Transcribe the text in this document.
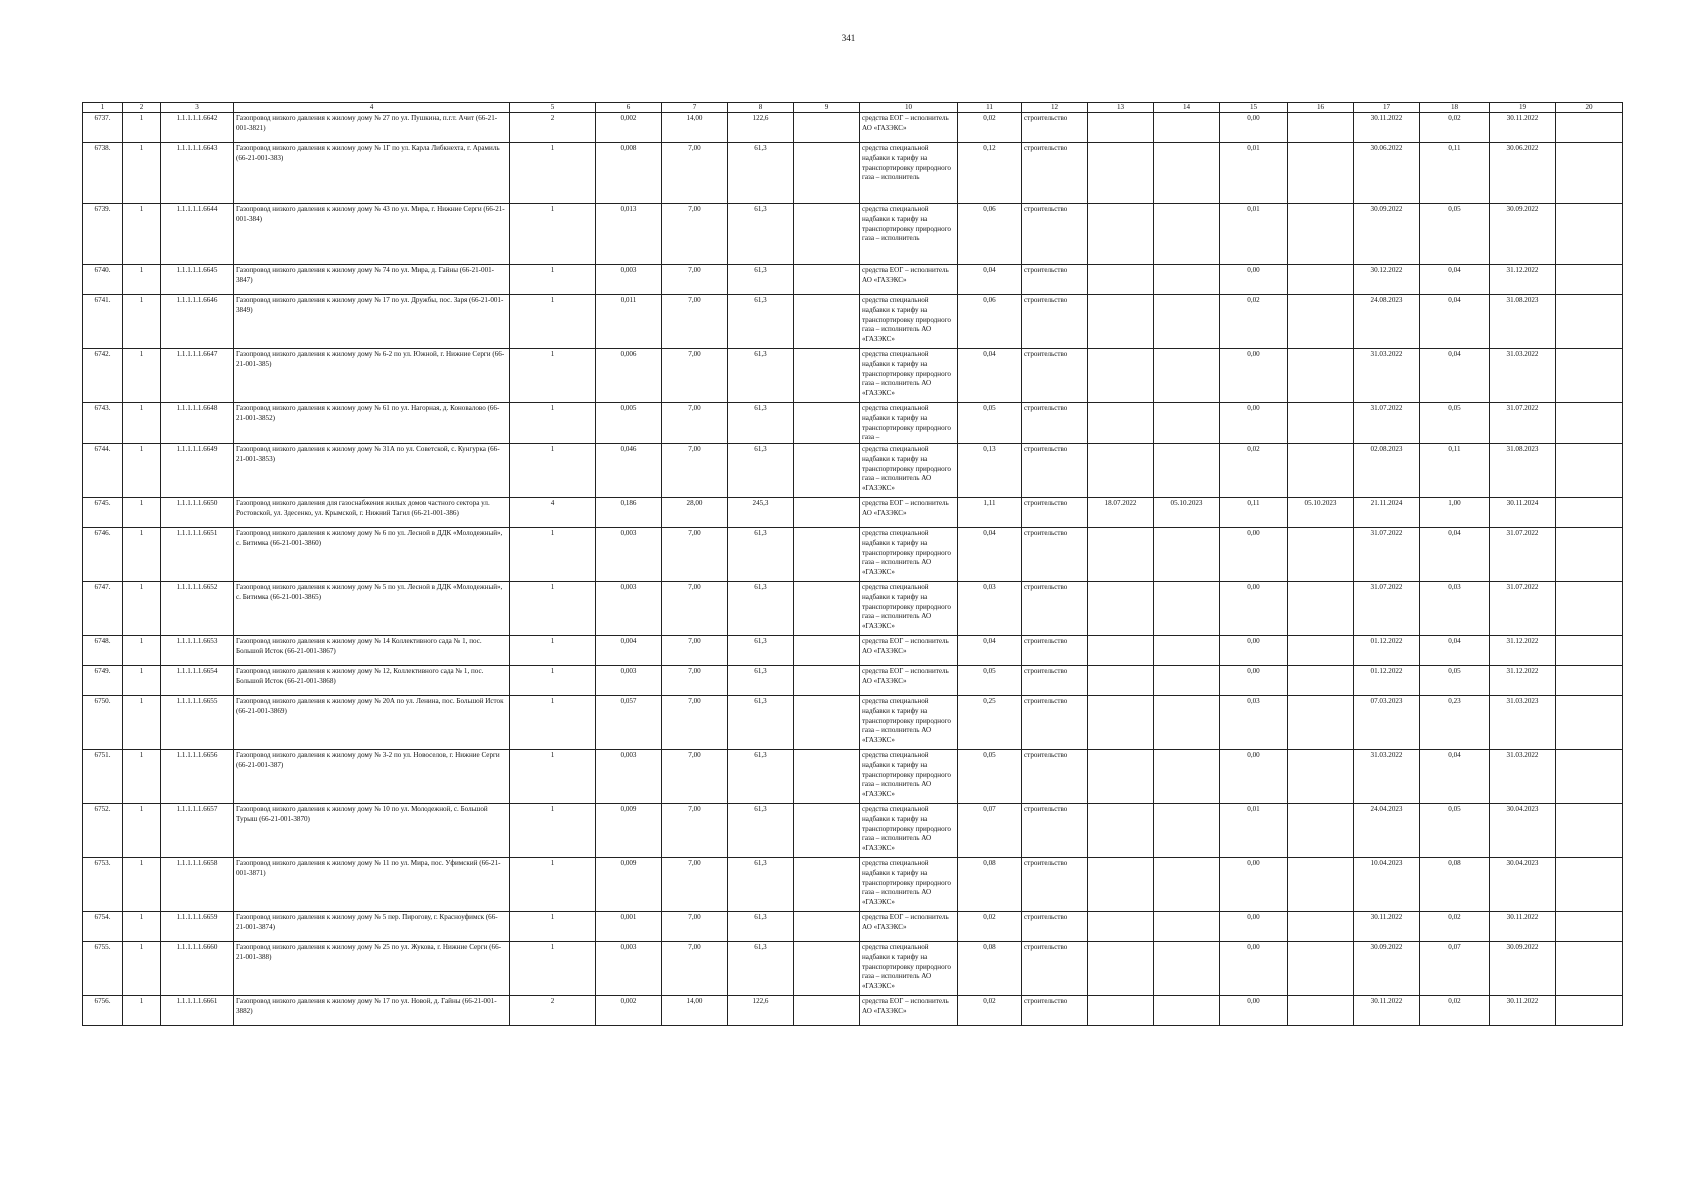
341
1	2	3	4	5	6	7	8	9	10	11	12	13	14	15	16	17	18	19	20
6737.	1	1.1.1.1.1.6642	Газопровод низкого давления к жилому дому № 27 по ул. Пушкина, п.г.т. Ачит (66-21-001-3821)	2	0,002	14,00	122,6		средства ЕОГ – исполнитель АО «ГАЗЭКС»	0,02	строительство			0,00		30.11.2022	0,02	30.11.2022	
6738.	1	1.1.1.1.1.6643	Газопровод низкого давления к жилому дому № 1Г по ул. Карла Либкнехта, г. Арамиль (66-21-001-383)	1	0,008	7,00	61,3		средства специальной надбавки к тарифу на транспортировку природного газа – исполнитель	0,12	строительство			0,01		30.06.2022	0,11	30.06.2022	
6739.	1	1.1.1.1.1.6644	Газопровод низкого давления к жилому дому № 43 по ул. Мира, г. Нижние Серги (66-21-001-384)	1	0,013	7,00	61,3		средства специальной надбавки к тарифу на транспортировку природного газа – исполнитель	0,06	строительство			0,01		30.09.2022	0,05	30.09.2022	
6740.	1	1.1.1.1.1.6645	Газопровод низкого давления к жилому дому № 74 по ул. Мира, д. Гайны (66-21-001-3847)	1	0,003	7,00	61,3		средства ЕОГ – исполнитель АО «ГАЗЭКС»	0,04	строительство			0,00		30.12.2022	0,04	31.12.2022	
6741.	1	1.1.1.1.1.6646	Газопровод низкого давления к жилому дому № 17 по ул. Дружбы, пос. Заря (66-21-001-3849)	1	0,011	7,00	61,3		средства специальной надбавки к тарифу на транспортировку природного газа – исполнитель АО «ГАЗЭКС»	0,06	строительство			0,02		24.08.2023	0,04	31.08.2023	
6742.	1	1.1.1.1.1.6647	Газопровод низкого давления к жилому дому № 6-2 по ул. Южной, г. Нижние Серги (66-21-001-385)	1	0,006	7,00	61,3		средства специальной надбавки к тарифу на транспортировку природного газа – исполнитель АО «ГАЗЭКС»	0,04	строительство			0,00		31.03.2022	0,04	31.03.2022	
6743.	1	1.1.1.1.1.6648	Газопровод низкого давления к жилому дому № 61 по ул. Нагорная, д. Коновалово (66-21-001-3852)	1	0,005	7,00	61,3		средства специальной надбавки к тарифу на транспортировку природного газа –	0,05	строительство			0,00		31.07.2022	0,05	31.07.2022	
6744.	1	1.1.1.1.1.6649	Газопровод низкого давления к жилому дому № 31А по ул. Советской, с. Кунгурка (66-21-001-3853)	1	0,046	7,00	61,3		средства специальной надбавки к тарифу на транспортировку природного газа – исполнитель АО «ГАЗЭКС»	0,13	строительство			0,02		02.08.2023	0,11	31.08.2023	
6745.	1	1.1.1.1.1.6650	Газопровод низкого давления для газоснабжения жилых домов частного сектора ул. Ростовской, ул. Здесенко, ул. Крымской, г. Нижний Тагил (66-21-001-386)	4	0,186	28,00	245,3		средства ЕОГ – исполнитель АО «ГАЗЭКС»	1,11	строительство	18.07.2022	05.10.2023	0,11	05.10.2023	21.11.2024	1,00	30.11.2024	
6746.	1	1.1.1.1.1.6651	Газопровод низкого давления к жилому дому № 6 по ул. Лесной в ДДК «Молодежный», с. Битимка (66-21-001-3860)	1	0,003	7,00	61,3		средства специальной надбавки к тарифу на транспортировку природного газа – исполнитель АО «ГАЗЭКС»	0,04	строительство			0,00		31.07.2022	0,04	31.07.2022	
6747.	1	1.1.1.1.1.6652	Газопровод низкого давления к жилому дому № 5 по ул. Лесной в ДДК «Молодежный», с. Битимка (66-21-001-3865)	1	0,003	7,00	61,3		средства специальной надбавки к тарифу на транспортировку природного газа – исполнитель АО «ГАЗЭКС»	0,03	строительство			0,00		31.07.2022	0,03	31.07.2022	
6748.	1	1.1.1.1.1.6653	Газопровод низкого давления к жилому дому № 14 Коллективного сада № 1, пос. Большой Исток (66-21-001-3867)	1	0,004	7,00	61,3		средства ЕОГ – исполнитель АО «ГАЗЭКС»	0,04	строительство			0,00		01.12.2022	0,04	31.12.2022	
6749.	1	1.1.1.1.1.6654	Газопровод низкого давления к жилому дому № 12, Коллективного сада № 1, пос. Большой Исток (66-21-001-3868)	1	0,003	7,00	61,3		средства ЕОГ – исполнитель АО «ГАЗЭКС»	0,05	строительство			0,00		01.12.2022	0,05	31.12.2022	
6750.	1	1.1.1.1.1.6655	Газопровод низкого давления к жилому дому № 20А по ул. Ленина, пос. Большой Исток (66-21-001-3869)	1	0,057	7,00	61,3		средства специальной надбавки к тарифу на транспортировку природного газа – исполнитель АО «ГАЗЭКС»	0,25	строительство			0,03		07.03.2023	0,23	31.03.2023	
6751.	1	1.1.1.1.1.6656	Газопровод низкого давления к жилому дому № 3-2 по ул. Новоселов, г. Нижние Серги (66-21-001-387)	1	0,003	7,00	61,3		средства специальной надбавки к тарифу на транспортировку природного газа – исполнитель АО «ГАЗЭКС»	0,05	строительство			0,00		31.03.2022	0,04	31.03.2022	
6752.	1	1.1.1.1.1.6657	Газопровод низкого давления к жилому дому № 10 по ул. Молодежной, с. Большой Турыш (66-21-001-3870)	1	0,009	7,00	61,3		средства специальной надбавки к тарифу на транспортировку природного газа – исполнитель АО «ГАЗЭКС»	0,07	строительство			0,01		24.04.2023	0,05	30.04.2023	
6753.	1	1.1.1.1.1.6658	Газопровод низкого давления к жилому дому № 11 по ул. Мира, пос. Уфимский (66-21-001-3871)	1	0,009	7,00	61,3		средства специальной надбавки к тарифу на транспортировку природного газа – исполнитель АО «ГАЗЭКС»	0,08	строительство			0,00		10.04.2023	0,08	30.04.2023	
6754.	1	1.1.1.1.1.6659	Газопровод низкого давления к жилому дому № 5 пер. Пирогову, г. Красноуфимск (66-21-001-3874)	1	0,001	7,00	61,3		средства ЕОГ – исполнитель АО «ГАЗЭКС»	0,02	строительство			0,00		30.11.2022	0,02	30.11.2022	
6755.	1	1.1.1.1.1.6660	Газопровод низкого давления к жилому дому № 25 по ул. Жукова, г. Нижние Серги (66-21-001-388)	1	0,003	7,00	61,3		средства специальной надбавки к тарифу на транспортировку природного газа – исполнитель АО «ГАЗЭКС»	0,08	строительство			0,00		30.09.2022	0,07	30.09.2022	
6756.	1	1.1.1.1.1.6661	Газопровод низкого давления к жилому дому № 17 по ул. Новой, д. Гайны (66-21-001-3882)	2	0,002	14,00	122,6		средства ЕОГ – исполнитель АО «ГАЗЭКС»	0,02	строительство			0,00		30.11.2022	0,02	30.11.2022	
